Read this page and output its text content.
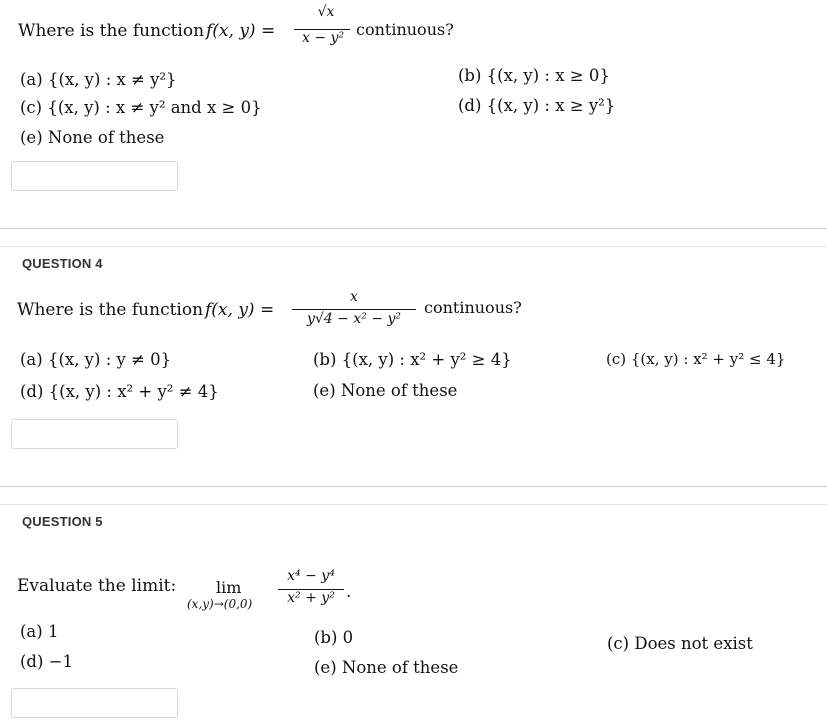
Where is the function f(x, y) =
√x
x − y² continuous?
(a) {(x, y) : x ≠ y²}	(b) {(x, y) : x ≥ 0}
(c) {(x, y) : x ≠ y² and x ≥ 0}	(d) {(x, y) : x ≥ y²}
(e) None of these
QUESTION 4
Where is the function f(x, y) =
x
y√4 − x² − y²
continuous?
(a) {(x, y) : y ≠ 0}	(b) {(x, y) : x² + y² ≥ 4}	(c) {(x, y) : x² + y² ≤ 4}
(d) {(x, y) : x² + y² ≠ 4}	(e) None of these
QUESTION 5
Evaluate the limit: lim
(x,y)→(0,0)
x⁴ − y⁴
x² + y² .
(a) 1	(b) 0	(c) Does not exist
(d) −1	(e) None of these
